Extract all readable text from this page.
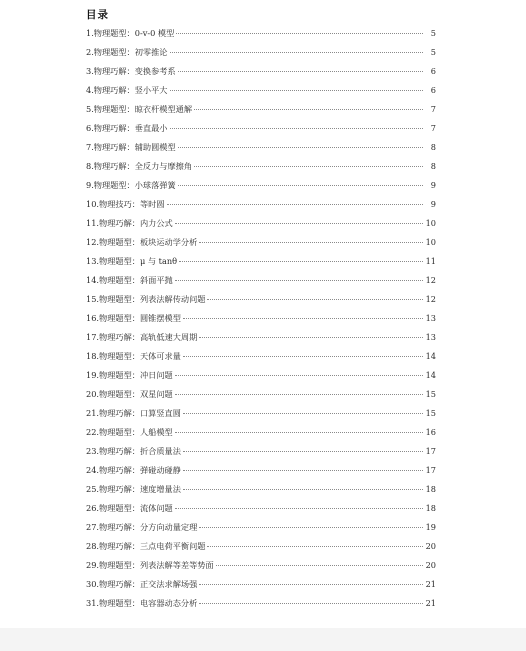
目录
1.物理题型：0-v-0 模型	5
2.物理题型：初零推论	5
3.物理巧解：变换参考系	6
4.物理巧解：竖小平大	6
5.物理题型：晾衣杆模型通解	7
6.物理巧解：垂直最小	7
7.物理巧解：辅助圆模型	8
8.物理巧解：全反力与摩擦角	8
9.物理题型：小球落弹簧	9
10.物理技巧：等时圆	9
11.物理巧解：内力公式	10
12.物理题型：板块运动学分析	10
13.物理题型：μ 与 tanθ	11
14.物理题型：斜面平抛	12
15.物理题型：列表法解传动问题	12
16.物理题型：圆锥摆模型	13
17.物理巧解：高轨低速大周期	13
18.物理题型：天体可求量	14
19.物理题型：冲日问题	14
20.物理题型：双星问题	15
21.物理巧解：口算竖直圆	15
22.物理题型：人船模型	16
23.物理巧解：折合质量法	17
24.物理巧解：弹碰动碰静	17
25.物理巧解：速度增量法	18
26.物理题型：流体问题	18
27.物理巧解：分方向动量定理	19
28.物理巧解：三点电荷平衡问题	20
29.物理题型：列表法解等差等势面	20
30.物理巧解：正交法求解场强	21
31.物理题型：电容器动态分析	21
